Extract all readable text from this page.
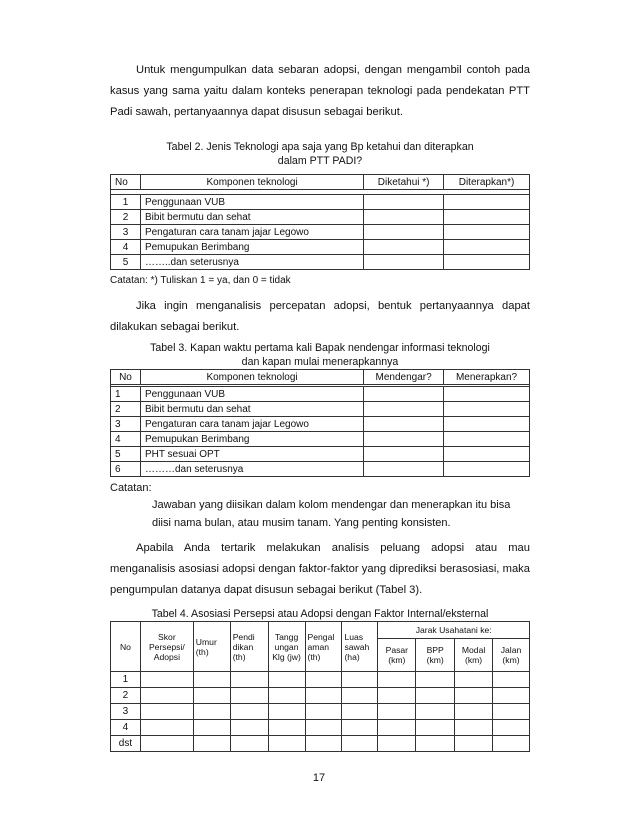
Untuk mengumpulkan data sebaran adopsi, dengan mengambil contoh pada kasus yang sama yaitu dalam konteks penerapan teknologi pada pendekatan PTT Padi sawah, pertanyaannya dapat disusun sebagai berikut.

Tabel 2. Jenis Teknologi apa saja yang Bp ketahui dan diterapkan
dalam PTT PADI?
No	Komponen teknologi	Diketahui *)	Diterapkan*)

1	Penggunaan VUB		
2	Bibit bermutu dan sehat		
3	Pengaturan cara tanam jajar Legowo		
4	Pemupukan Berimbang		
5	……..dan seterusnya		
Catatan: *) Tuliskan 1 = ya, dan 0 = tidak

Jika ingin menganalisis percepatan adopsi, bentuk pertanyaannya dapat dilakukan sebagai berikut.

Tabel 3. Kapan waktu pertama kali Bapak nendengar informasi teknologi
dan kapan mulai menerapkannya
No	Komponen teknologi	Mendengar?	Menerapkan?

1	Penggunaan VUB		
2	Bibit bermutu dan sehat		
3	Pengaturan cara tanam jajar Legowo		
4	Pemupukan Berimbang		
5	PHT sesuai OPT		
6	………dan seterusnya		
Catatan:

Jawaban yang diisikan dalam kolom mendengar dan menerapkan itu bisa diisi nama bulan, atau musim tanam. Yang penting konsisten.

Apabila Anda tertarik melakukan analisis peluang adopsi atau mau menganalisis asosiasi adopsi dengan faktor-faktor yang diprediksi berasosiasi, maka pengumpulan datanya dapat disusun sebagai berikut (Tabel 3).

Tabel 4. Asosiasi Persepsi atau Adopsi dengan Faktor Internal/eksternal
No	Skor Persepsi/ Adopsi	Umur (th)	Pendi dikan (th)	Tangg ungan Klg (jw)	Pengal aman (th)	Luas sawah (ha)	Jarak Usahatani ke:			
							Pasar (km)	BPP (km)	Modal (km)	Jalan (km)
1										
2										
3										
4										
dst										
17
